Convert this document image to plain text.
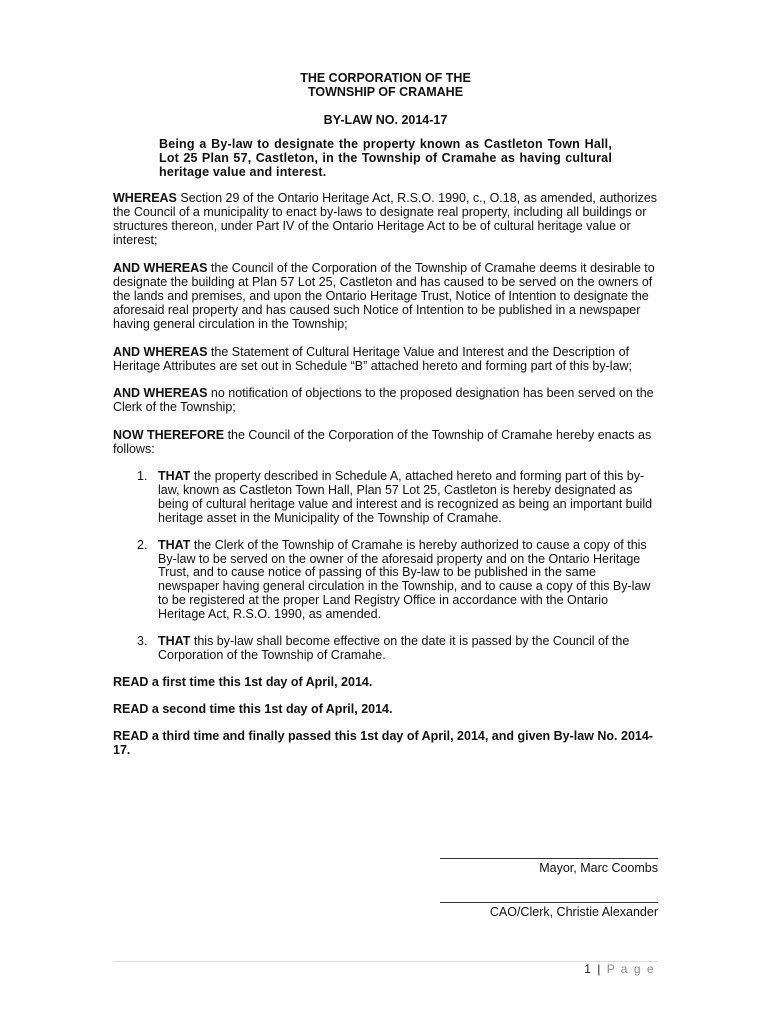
THE CORPORATION OF THE
TOWNSHIP OF CRAMAHE
BY-LAW NO. 2014-17
Being a By-law to designate the property known as Castleton Town Hall, Lot 25 Plan 57, Castleton, in the Township of Cramahe as having cultural heritage value and interest.

WHEREAS Section 29 of the Ontario Heritage Act, R.S.O. 1990, c., O.18, as amended, authorizes the Council of a municipality to enact by-laws to designate real property, including all buildings or structures thereon, under Part IV of the Ontario Heritage Act to be of cultural heritage value or interest;

AND WHEREAS the Council of the Corporation of the Township of Cramahe deems it desirable to designate the building at Plan 57 Lot 25, Castleton and has caused to be served on the owners of the lands and premises, and upon the Ontario Heritage Trust, Notice of Intention to designate the aforesaid real property and has caused such Notice of Intention to be published in a newspaper having general circulation in the Township;

AND WHEREAS the Statement of Cultural Heritage Value and Interest and the Description of Heritage Attributes are set out in Schedule “B” attached hereto and forming part of this by-law;

AND WHEREAS no notification of objections to the proposed designation has been served on the Clerk of the Township;

NOW THEREFORE the Council of the Corporation of the Township of Cramahe hereby enacts as follows:

1. THAT the property described in Schedule A, attached hereto and forming part of this by-law, known as Castleton Town Hall, Plan 57 Lot 25, Castleton is hereby designated as being of cultural heritage value and interest and is recognized as being an important build heritage asset in the Municipality of the Township of Cramahe.
2. THAT the Clerk of the Township of Cramahe is hereby authorized to cause a copy of this By-law to be served on the owner of the aforesaid property and on the Ontario Heritage Trust, and to cause notice of passing of this By-law to be published in the same newspaper having general circulation in the Township, and to cause a copy of this By-law to be registered at the proper Land Registry Office in accordance with the Ontario Heritage Act, R.S.O. 1990, as amended.
3. THAT this by-law shall become effective on the date it is passed by the Council of the Corporation of the Township of Cramahe.

READ a first time this 1st day of April, 2014.

READ a second time this 1st day of April, 2014.

READ a third time and finally passed this 1st day of April, 2014, and given By-law No. 2014-17.

Mayor, Marc Coombs
CAO/Clerk, Christie Alexander
1 | P a g e
